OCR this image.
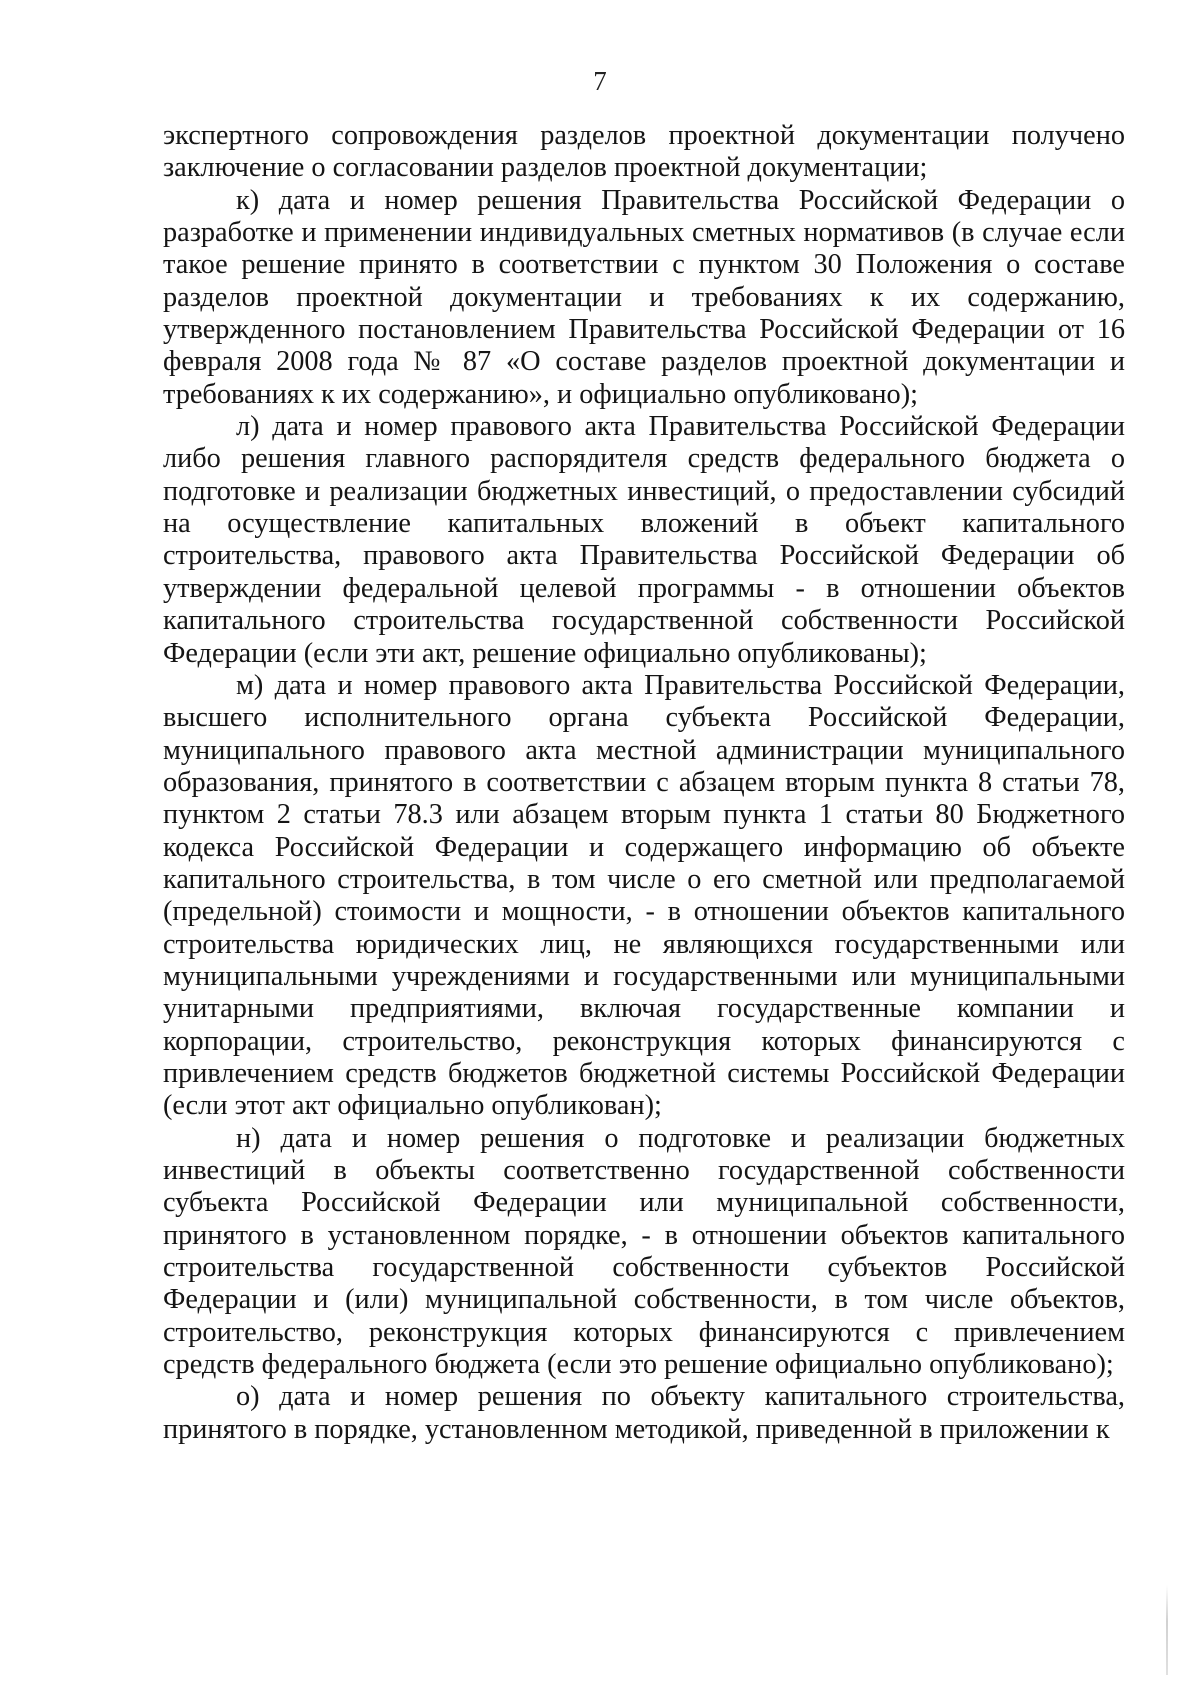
7

экспертного сопровождения разделов проектной документации получено заключение о согласовании разделов проектной документации;

к) дата и номер решения Правительства Российской Федерации о разработке и применении индивидуальных сметных нормативов (в случае если такое решение принято в соответствии с пунктом 30 Положения о составе разделов проектной документации и требованиях к их содержанию, утвержденного постановлением Правительства Российской Федерации от 16 февраля 2008 года № 87 «О составе разделов проектной документации и требованиях к их содержанию», и официально опубликовано);

л) дата и номер правового акта Правительства Российской Федерации либо решения главного распорядителя средств федерального бюджета о подготовке и реализации бюджетных инвестиций, о предоставлении субсидий на осуществление капитальных вложений в объект капитального строительства, правового акта Правительства Российской Федерации об утверждении федеральной целевой программы - в отношении объектов капитального строительства государственной собственности Российской Федерации (если эти акт, решение официально опубликованы);

м) дата и номер правового акта Правительства Российской Федерации, высшего исполнительного органа субъекта Российской Федерации, муниципального правового акта местной администрации муниципального образования, принятого в соответствии с абзацем вторым пункта 8 статьи 78, пунктом 2 статьи 78.3 или абзацем вторым пункта 1 статьи 80 Бюджетного кодекса Российской Федерации и содержащего информацию об объекте капитального строительства, в том числе о его сметной или предполагаемой (предельной) стоимости и мощности, - в отношении объектов капитального строительства юридических лиц, не являющихся государственными или муниципальными учреждениями и государственными или муниципальными унитарными предприятиями, включая государственные компании и корпорации, строительство, реконструкция которых финансируются с привлечением средств бюджетов бюджетной системы Российской Федерации (если этот акт официально опубликован);

н) дата и номер решения о подготовке и реализации бюджетных инвестиций в объекты соответственно государственной собственности субъекта Российской Федерации или муниципальной собственности, принятого в установленном порядке, - в отношении объектов капитального строительства государственной собственности субъектов Российской Федерации и (или) муниципальной собственности, в том числе объектов, строительство, реконструкция которых финансируются с привлечением средств федерального бюджета (если это решение официально опубликовано);

о) дата и номер решения по объекту капитального строительства, принятого в порядке, установленном методикой, приведенной в приложении к
